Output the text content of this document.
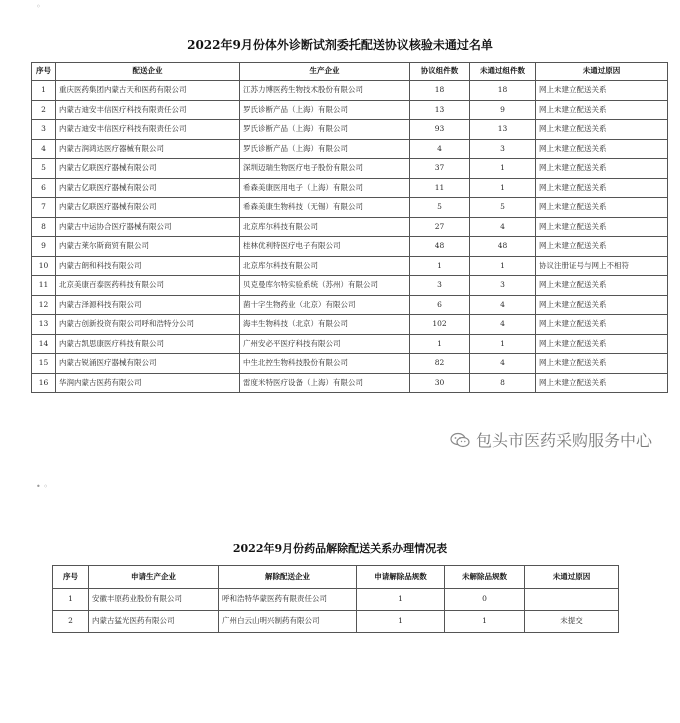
◦
• ◦
2022年9月份体外诊断试剂委托配送协议核验未通过名单
序号	配送企业	生产企业	协议组件数	未通过组件数	未通过原因
1	重庆医药集团内蒙古天和医药有限公司	江苏力博医药生物技术股份有限公司	18	18	网上未建立配送关系
2	内蒙古迪安丰信医疗科技有限责任公司	罗氏诊断产品（上海）有限公司	13	9	网上未建立配送关系
3	内蒙古迪安丰信医疗科技有限责任公司	罗氏诊断产品（上海）有限公司	93	13	网上未建立配送关系
4	内蒙古润鸿达医疗器械有限公司	罗氏诊断产品（上海）有限公司	4	3	网上未建立配送关系
5	内蒙古亿联医疗器械有限公司	深圳迈瑞生物医疗电子股份有限公司	37	1	网上未建立配送关系
6	内蒙古亿联医疗器械有限公司	希森美康医用电子（上海）有限公司	11	1	网上未建立配送关系
7	内蒙古亿联医疗器械有限公司	希森美康生物科技（无锡）有限公司	5	5	网上未建立配送关系
8	内蒙古中运协合医疗器械有限公司	北京库尔科技有限公司	27	4	网上未建立配送关系
9	内蒙古莱尔斯商贸有限公司	桂林优利特医疗电子有限公司	48	48	网上未建立配送关系
10	内蒙古朗和科技有限公司	北京库尔科技有限公司	1	1	协议注册证号与网上不相符
11	北京美康百泰医药科技有限公司	贝克曼库尔特实验系统（苏州）有限公司	3	3	网上未建立配送关系
12	内蒙古泽源科技有限公司	菌十字生物药业（北京）有限公司	6	4	网上未建立配送关系
13	内蒙古创新投资有限公司呼和浩特分公司	海丰生物科技（北京）有限公司	102	4	网上未建立配送关系
14	内蒙古凯思康医疗科技有限公司	广州安必平医疗科技有限公司	1	1	网上未建立配送关系
15	内蒙古锐涌医疗器械有限公司	中生北控生物科技股份有限公司	82	4	网上未建立配送关系
16	华润内蒙古医药有限公司	雷度米特医疗设备（上海）有限公司	30	8	网上未建立配送关系
包头市医药采购服务中心
2022年9月份药品解除配送关系办理情况表
序号	申请生产企业	解除配送企业	申请解除品规数	未解除品规数	未通过原因
1	安徽丰原药业股份有限公司	呼和浩特华蒙医药有限责任公司	1	0	
2	内蒙古猛光医药有限公司	广州白云山明兴制药有限公司	1	1	未提交
